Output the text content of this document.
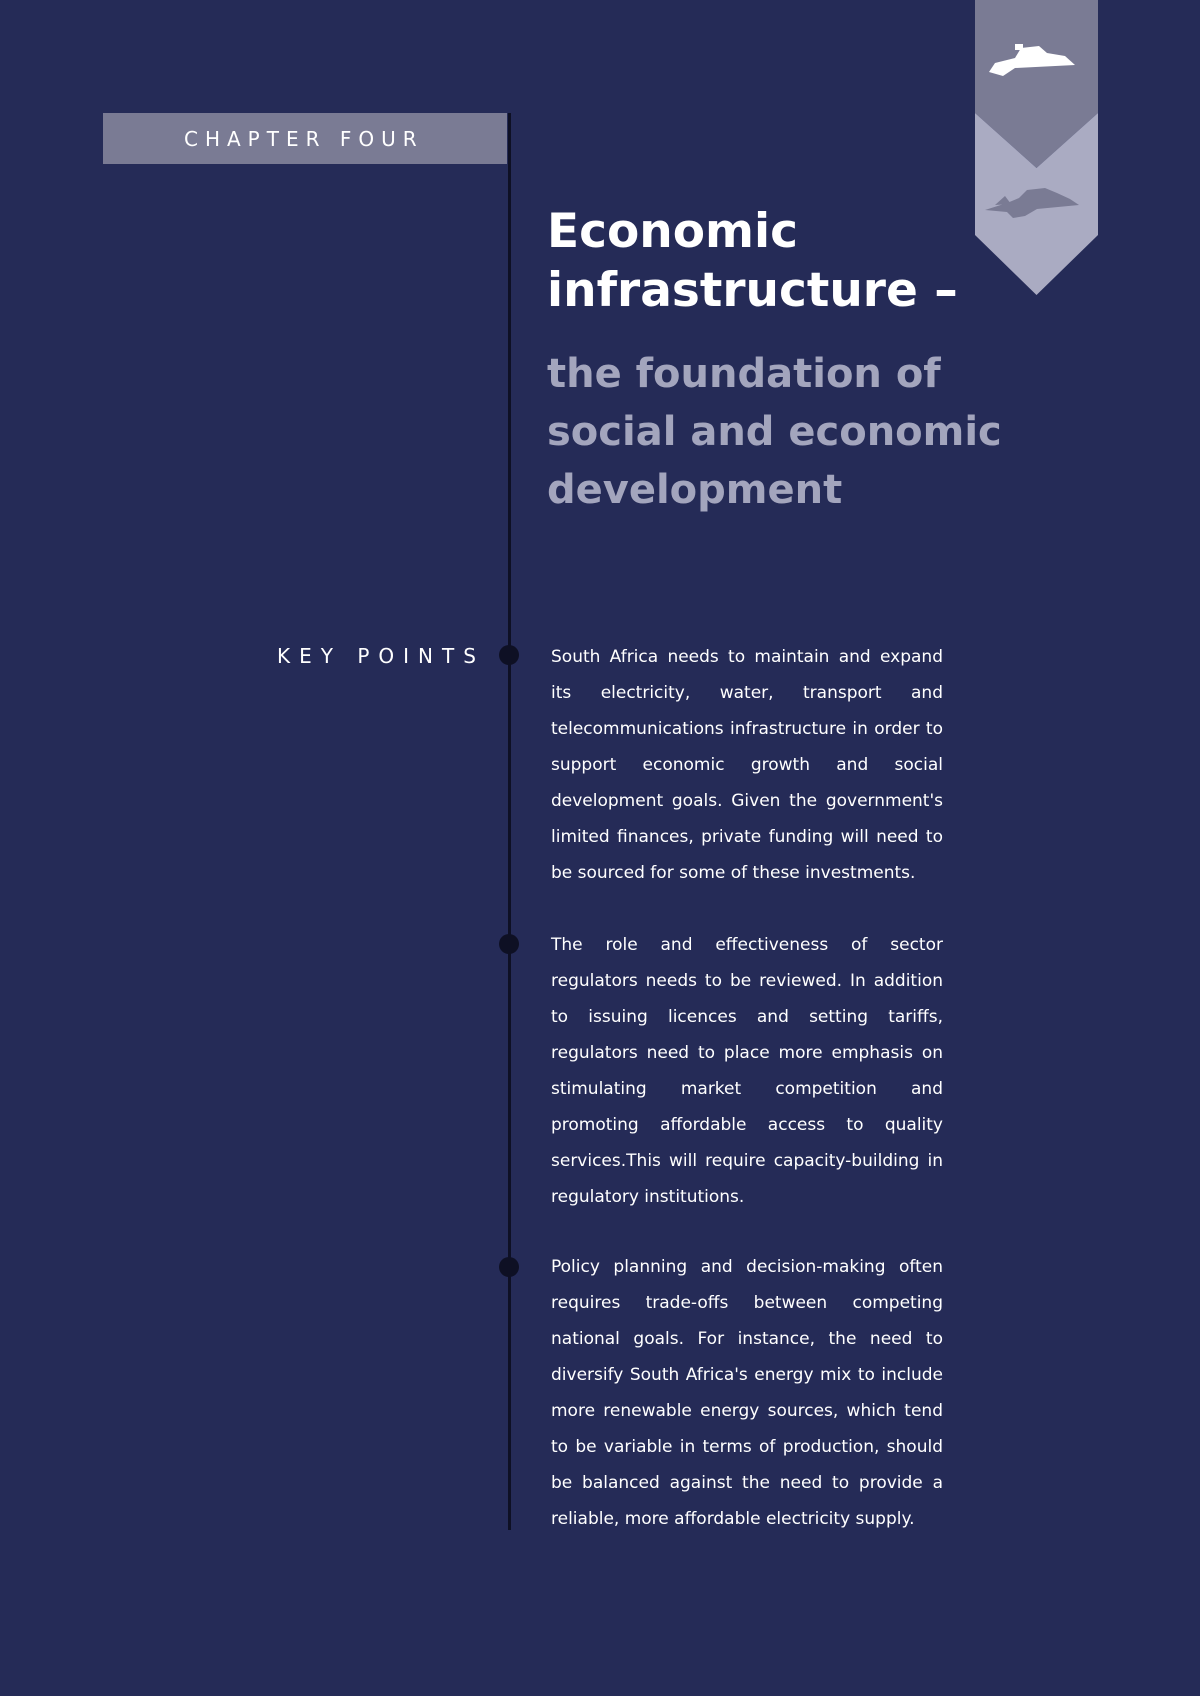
CHAPTER FOUR
Economic infrastructure –
the foundation of social and economic development
KEY POINTS	South Africa needs to maintain and expand its electricity, water, transport and telecommunications infrastructure in order to support economic growth and social development goals. Given the government's limited finances, private funding will need to be sourced for some of these investments.

The role and effectiveness of sector regulators needs to be reviewed. In addition to issuing licences and setting tariffs, regulators need to place more emphasis on stimulating market competition and promoting affordable access to quality services.This will require capacity-building in regulatory institutions.

Policy planning and decision-making often requires trade-offs between competing national goals. For instance, the need to diversify South Africa's energy mix to include more renewable energy sources, which tend to be variable in terms of production, should be balanced against the need to provide a reliable, more affordable electricity supply.
